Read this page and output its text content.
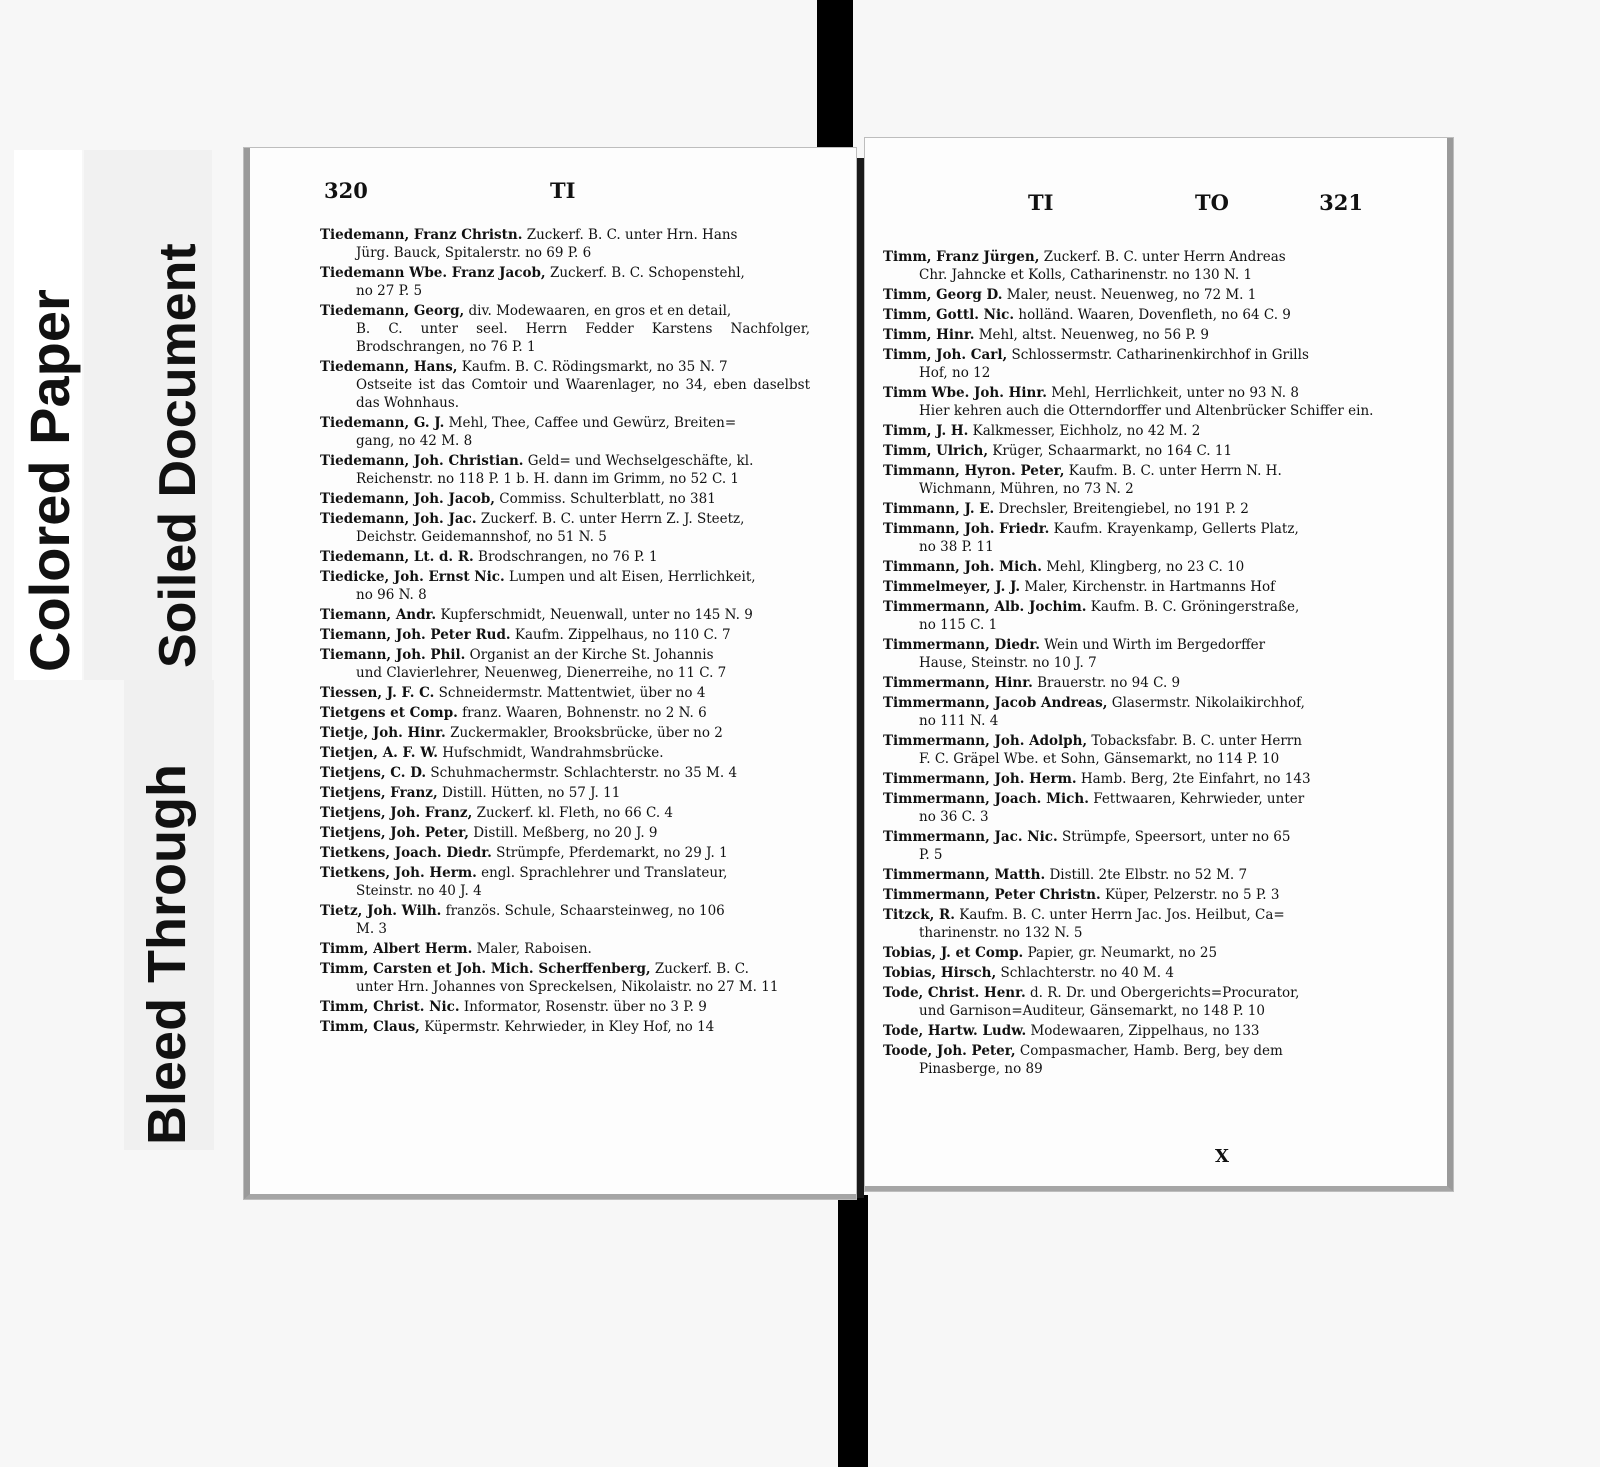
Colored Paper Soiled Document
Bleed Through
320	TI
Tiedemann, Franz Christn. Zuckerf. B. C. unter Hrn. Hans
Jürg. Bauck, Spitalerstr. no 69 P. 6
Tiedemann Wbe. Franz Jacob, Zuckerf. B. C. Schopenstehl,
no 27 P. 5
Tiedemann, Georg, div. Modewaaren, en gros et en detail,
B. C. unter seel. Herrn Fedder Karstens Nachfolger, Brodschrangen, no 76 P. 1
Tiedemann, Hans, Kaufm. B. C. Rödingsmarkt, no 35 N. 7
Ostseite ist das Comtoir und Waarenlager, no 34, eben daselbst das Wohnhaus.
Tiedemann, G. J. Mehl, Thee, Caffee und Gewürz, Breiten=
gang, no 42 M. 8
Tiedemann, Joh. Christian. Geld= und Wechselgeschäfte, kl.
Reichenstr. no 118 P. 1 b. H. dann im Grimm, no 52 C. 1
Tiedemann, Joh. Jacob, Commiss. Schulterblatt, no 381
Tiedemann, Joh. Jac. Zuckerf. B. C. unter Herrn Z. J. Steetz,
Deichstr. Geidemannshof, no 51 N. 5
Tiedemann, Lt. d. R. Brodschrangen, no 76 P. 1
Tiedicke, Joh. Ernst Nic. Lumpen und alt Eisen, Herrlichkeit,
no 96 N. 8
Tiemann, Andr. Kupferschmidt, Neuenwall, unter no 145 N. 9
Tiemann, Joh. Peter Rud. Kaufm. Zippelhaus, no 110 C. 7
Tiemann, Joh. Phil. Organist an der Kirche St. Johannis
und Clavierlehrer, Neuenweg, Dienerreihe, no 11 C. 7
Tiessen, J. F. C. Schneidermstr. Mattentwiet, über no 4
Tietgens et Comp. franz. Waaren, Bohnenstr. no 2 N. 6
Tietje, Joh. Hinr. Zuckermakler, Brooksbrücke, über no 2
Tietjen, A. F. W. Hufschmidt, Wandrahmsbrücke.
Tietjens, C. D. Schuhmachermstr. Schlachterstr. no 35 M. 4
Tietjens, Franz, Distill. Hütten, no 57 J. 11
Tietjens, Joh. Franz, Zuckerf. kl. Fleth, no 66 C. 4
Tietjens, Joh. Peter, Distill. Meßberg, no 20 J. 9
Tietkens, Joach. Diedr. Strümpfe, Pferdemarkt, no 29 J. 1
Tietkens, Joh. Herm. engl. Sprachlehrer und Translateur,
Steinstr. no 40 J. 4
Tietz, Joh. Wilh. französ. Schule, Schaarsteinweg, no 106
M. 3
Timm, Albert Herm. Maler, Raboisen.
Timm, Carsten et Joh. Mich. Scherffenberg, Zuckerf. B. C.
unter Hrn. Johannes von Spreckelsen, Nikolaistr. no 27 M. 11
Timm, Christ. Nic. Informator, Rosenstr. über no 3 P. 9
Timm, Claus, Küpermstr. Kehrwieder, in Kley Hof, no 14
TI	TO	321
Timm, Franz Jürgen, Zuckerf. B. C. unter Herrn Andreas
Chr. Jahncke et Kolls, Catharinenstr. no 130 N. 1
Timm, Georg D. Maler, neust. Neuenweg, no 72 M. 1
Timm, Gottl. Nic. holländ. Waaren, Dovenfleth, no 64 C. 9
Timm, Hinr. Mehl, altst. Neuenweg, no 56 P. 9
Timm, Joh. Carl, Schlossermstr. Catharinenkirchhof in Grills
Hof, no 12
Timm Wbe. Joh. Hinr. Mehl, Herrlichkeit, unter no 93 N. 8
Hier kehren auch die Otterndorffer und Altenbrücker Schiffer ein.
Timm, J. H. Kalkmesser, Eichholz, no 42 M. 2
Timm, Ulrich, Krüger, Schaarmarkt, no 164 C. 11
Timmann, Hyron. Peter, Kaufm. B. C. unter Herrn N. H.
Wichmann, Mühren, no 73 N. 2
Timmann, J. E. Drechsler, Breitengiebel, no 191 P. 2
Timmann, Joh. Friedr. Kaufm. Krayenkamp, Gellerts Platz,
no 38 P. 11
Timmann, Joh. Mich. Mehl, Klingberg, no 23 C. 10
Timmelmeyer, J. J. Maler, Kirchenstr. in Hartmanns Hof
Timmermann, Alb. Jochim. Kaufm. B. C. Gröningerstraße,
no 115 C. 1
Timmermann, Diedr. Wein und Wirth im Bergedorffer
Hause, Steinstr. no 10 J. 7
Timmermann, Hinr. Brauerstr. no 94 C. 9
Timmermann, Jacob Andreas, Glasermstr. Nikolaikirchhof,
no 111 N. 4
Timmermann, Joh. Adolph, Tobacksfabr. B. C. unter Herrn
F. C. Gräpel Wbe. et Sohn, Gänsemarkt, no 114 P. 10
Timmermann, Joh. Herm. Hamb. Berg, 2te Einfahrt, no 143
Timmermann, Joach. Mich. Fettwaaren, Kehrwieder, unter
no 36 C. 3
Timmermann, Jac. Nic. Strümpfe, Speersort, unter no 65
P. 5
Timmermann, Matth. Distill. 2te Elbstr. no 52 M. 7
Timmermann, Peter Christn. Küper, Pelzerstr. no 5 P. 3
Titzck, R. Kaufm. B. C. unter Herrn Jac. Jos. Heilbut, Ca=
tharinenstr. no 132 N. 5
Tobias, J. et Comp. Papier, gr. Neumarkt, no 25
Tobias, Hirsch, Schlachterstr. no 40 M. 4
Tode, Christ. Henr. d. R. Dr. und Obergerichts=Procurator,
und Garnison=Auditeur, Gänsemarkt, no 148 P. 10
Tode, Hartw. Ludw. Modewaaren, Zippelhaus, no 133
Toode, Joh. Peter, Compasmacher, Hamb. Berg, bey dem
Pinasberge, no 89
X
